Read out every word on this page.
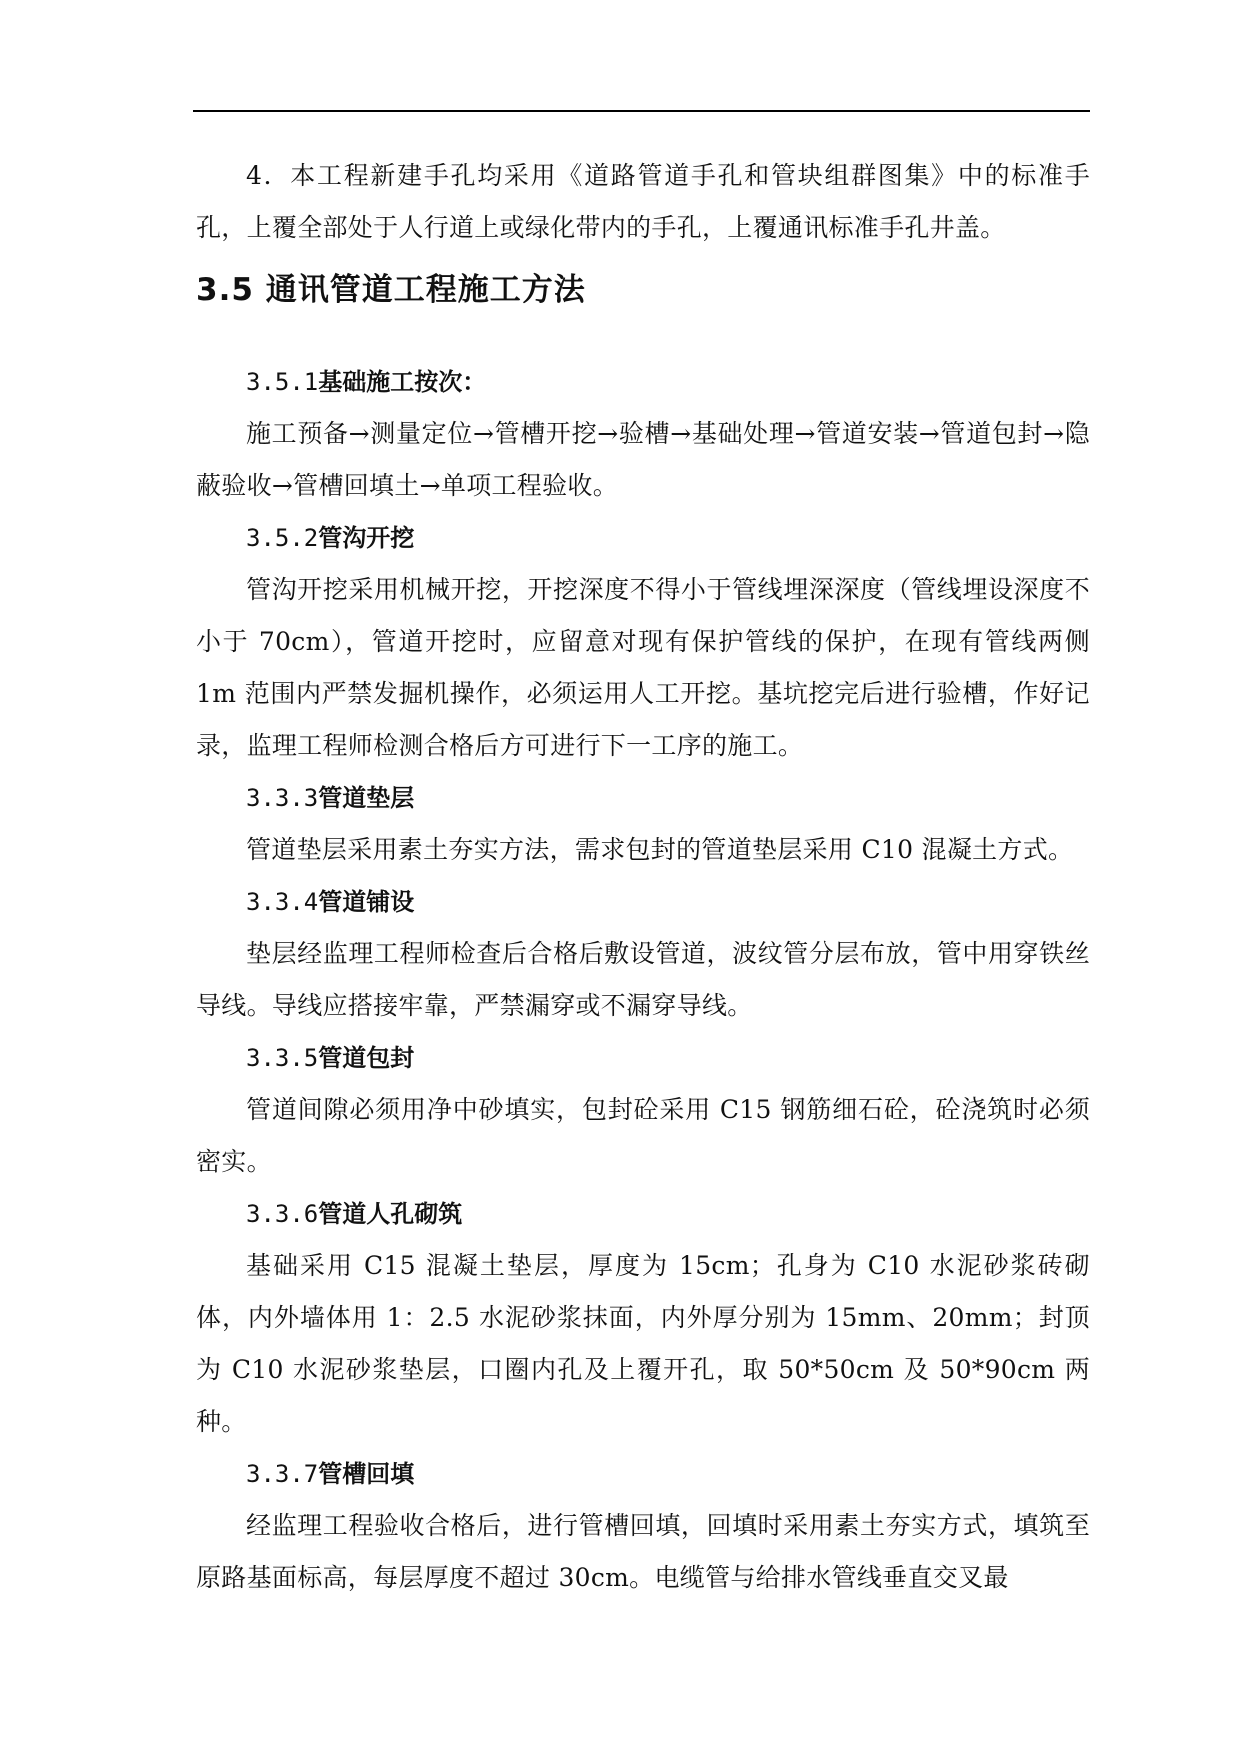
4．本工程新建手孔均采用《道路管道手孔和管块组群图集》中的标准手孔，上覆全部处于人行道上或绿化带内的手孔，上覆通讯标准手孔井盖。

3.5 通讯管道工程施工方法
3.5.1基础施工按次：

施工预备→测量定位→管槽开挖→验槽→基础处理→管道安装→管道包封→隐蔽验收→管槽回填土→单项工程验收。

3.5.2管沟开挖

管沟开挖采用机械开挖，开挖深度不得小于管线埋深深度（管线埋设深度不小于 70cm），管道开挖时，应留意对现有保护管线的保护，在现有管线两侧 1m 范围内严禁发掘机操作，必须运用人工开挖。基坑挖完后进行验槽，作好记录，监理工程师检测合格后方可进行下一工序的施工。

3.3.3管道垫层

管道垫层采用素土夯实方法，需求包封的管道垫层采用 C10 混凝土方式。

3.3.4管道铺设

垫层经监理工程师检查后合格后敷设管道，波纹管分层布放，管中用穿铁丝导线。导线应搭接牢靠，严禁漏穿或不漏穿导线。

3.3.5管道包封

管道间隙必须用净中砂填实，包封砼采用 C15 钢筋细石砼，砼浇筑时必须密实。

3.3.6管道人孔砌筑

基础采用 C15 混凝土垫层，厚度为 15cm；孔身为 C10 水泥砂浆砖砌体，内外墙体用 1：2.5 水泥砂浆抹面，内外厚分别为 15mm、20mm；封顶为 C10 水泥砂浆垫层，口圈内孔及上覆开孔，取 50*50cm 及 50*90cm 两种。

3.3.7管槽回填

经监理工程验收合格后，进行管槽回填，回填时采用素土夯实方式，填筑至原路基面标高，每层厚度不超过 30cm。电缆管与给排水管线垂直交叉最
